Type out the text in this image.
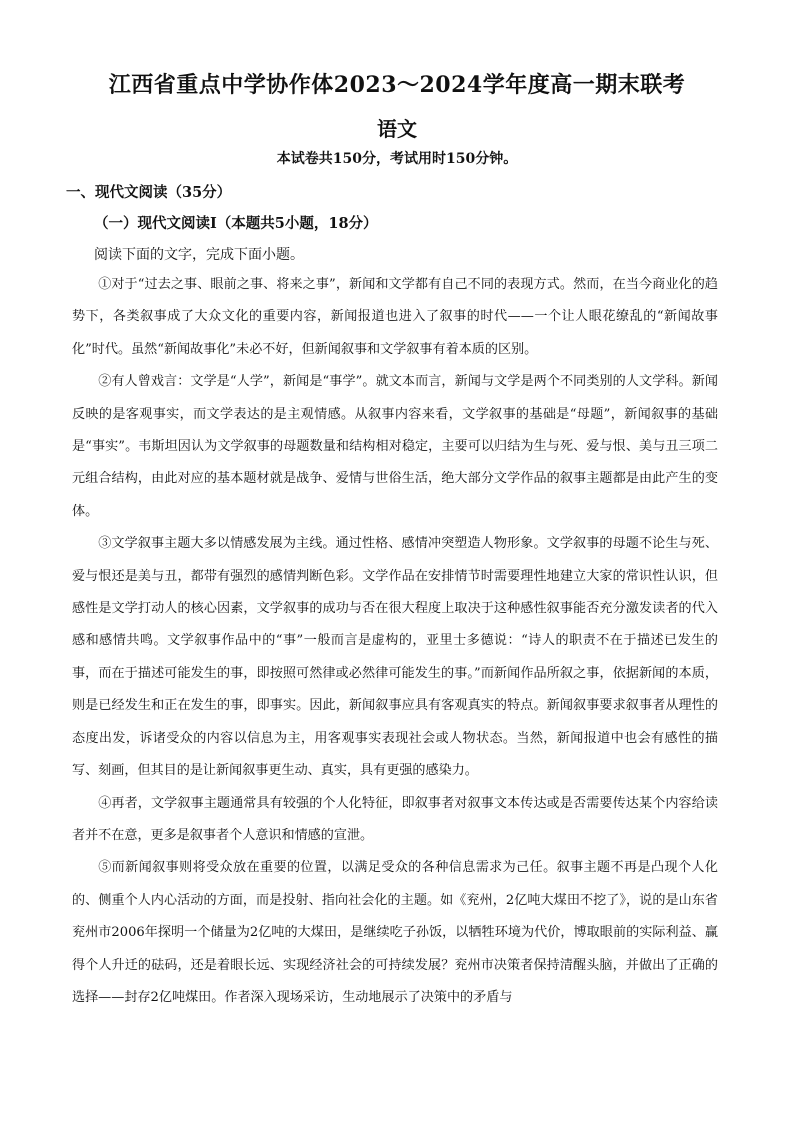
江西省重点中学协作体2023～2024学年度高一期末联考
语文
本试卷共150分，考试用时150分钟。
一、现代文阅读（35分）
（一）现代文阅读Ⅰ（本题共5小题，18分）
阅读下面的文字，完成下面小题。

①对于“过去之事、眼前之事、将来之事”，新闻和文学都有自己不同的表现方式。然而，在当今商业化的趋势下，各类叙事成了大众文化的重要内容，新闻报道也进入了叙事的时代——一个让人眼花缭乱的“新闻故事化”时代。虽然“新闻故事化”未必不好，但新闻叙事和文学叙事有着本质的区别。

②有人曾戏言：文学是“人学”，新闻是“事学”。就文本而言，新闻与文学是两个不同类别的人文学科。新闻反映的是客观事实，而文学表达的是主观情感。从叙事内容来看，文学叙事的基础是“母题”，新闻叙事的基础是“事实”。韦斯坦因认为文学叙事的母题数量和结构相对稳定，主要可以归结为生与死、爱与恨、美与丑三项二元组合结构，由此对应的基本题材就是战争、爱情与世俗生活，绝大部分文学作品的叙事主题都是由此产生的变体。

③文学叙事主题大多以情感发展为主线。通过性格、感情冲突塑造人物形象。文学叙事的母题不论生与死、爱与恨还是美与丑，都带有强烈的感情判断色彩。文学作品在安排情节时需要理性地建立大家的常识性认识，但感性是文学打动人的核心因素，文学叙事的成功与否在很大程度上取决于这种感性叙事能否充分激发读者的代入感和感情共鸣。文学叙事作品中的“事”一般而言是虚构的，亚里士多德说：“诗人的职责不在于描述已发生的事，而在于描述可能发生的事，即按照可然律或必然律可能发生的事。”而新闻作品所叙之事，依据新闻的本质，则是已经发生和正在发生的事，即事实。因此，新闻叙事应具有客观真实的特点。新闻叙事要求叙事者从理性的态度出发，诉诸受众的内容以信息为主，用客观事实表现社会或人物状态。当然，新闻报道中也会有感性的描写、刻画，但其目的是让新闻叙事更生动、真实，具有更强的感染力。

④再者，文学叙事主题通常具有较强的个人化特征，即叙事者对叙事文本传达或是否需要传达某个内容给读者并不在意，更多是叙事者个人意识和情感的宣泄。

⑤而新闻叙事则将受众放在重要的位置，以满足受众的各种信息需求为己任。叙事主题不再是凸现个人化的、侧重个人内心活动的方面，而是投射、指向社会化的主题。如《兖州，2亿吨大煤田不挖了》，说的是山东省兖州市2006年探明一个储量为2亿吨的大煤田，是继续吃子孙饭，以牺牲环境为代价，博取眼前的实际利益、赢得个人升迁的砝码，还是着眼长远、实现经济社会的可持续发展？兖州市决策者保持清醒头脑，并做出了正确的选择——封存2亿吨煤田。作者深入现场采访，生动地展示了决策中的矛盾与
